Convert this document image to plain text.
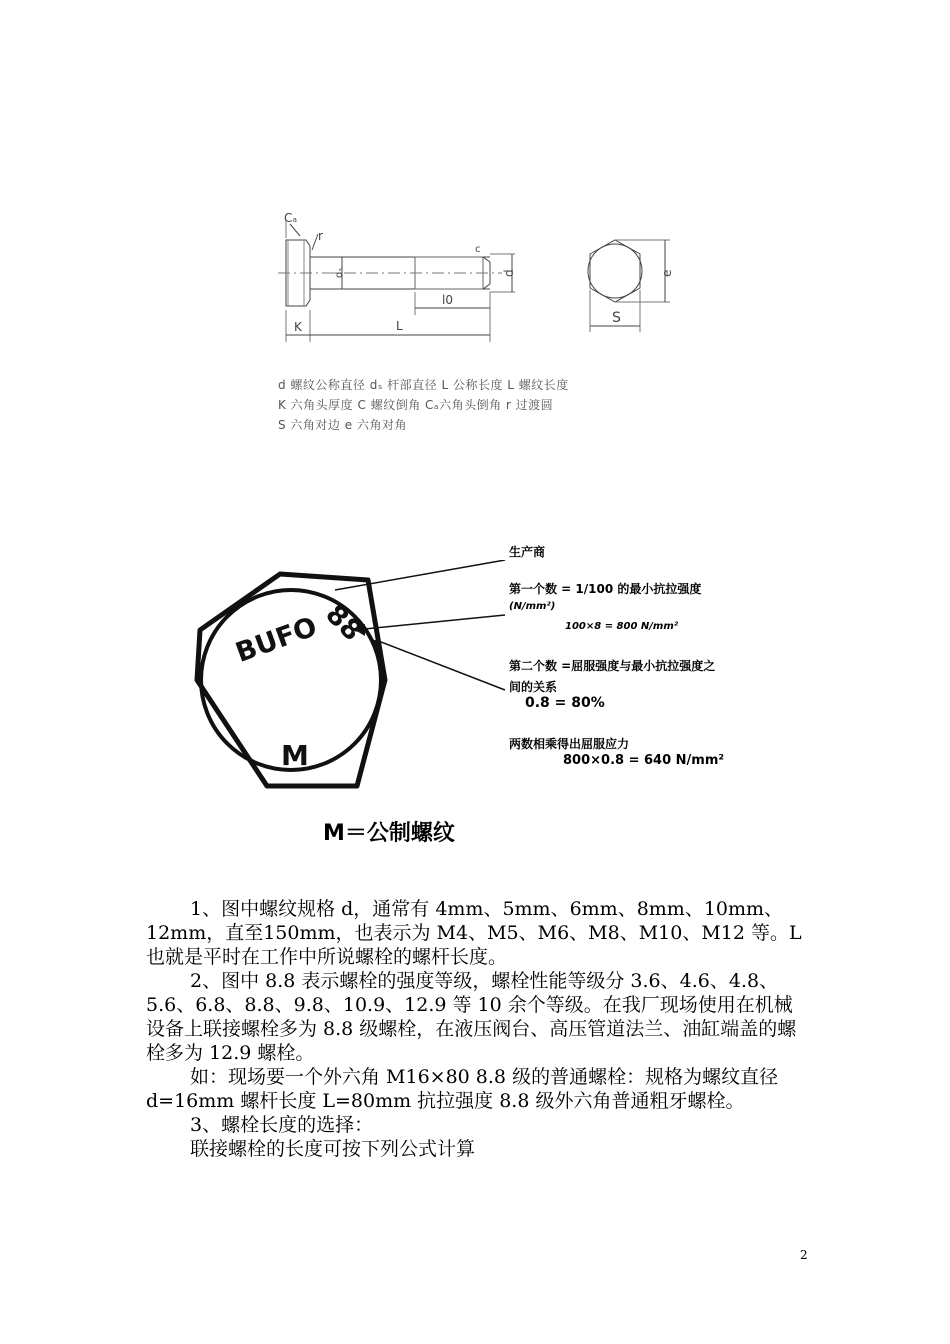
Cₐ
r
c
dₛ	d
l0
K	L
e
S
d 螺纹公称直径 dₛ 杆部直径 L 公称长度 L 螺纹长度
K 六角头厚度 C 螺纹倒角 Cₐ六角头倒角 r 过渡圆
S 六角对边 e 六角对角
BUFO
88
M
生产商
第一个数 = 1/100 的最小抗拉强度
(N/mm²)
100×8 = 800 N/mm²
第二个数 =屈服强度与最小抗拉强度之
间的关系
0.8 = 80%
两数相乘得出屈服应力
800×0.8 = 640 N/mm²
M＝公制螺纹

1、图中螺纹规格 d，通常有 4mm、5mm、6mm、8mm、10mm、12mm，直至150mm，也表示为 M4、M5、M6、M8、M10、M12 等。L 也就是平时在工作中所说螺栓的螺杆长度。

2、图中 8.8 表示螺栓的强度等级，螺栓性能等级分 3.6、4.6、4.8、5.6、6.8、8.8、9.8、10.9、12.9 等 10 余个等级。在我厂现场使用在机械设备上联接螺栓多为 8.8 级螺栓，在液压阀台、高压管道法兰、油缸端盖的螺栓多为 12.9 螺栓。

如：现场要一个外六角 M16×80 8.8 级的普通螺栓：规格为螺纹直径 d=16mm 螺杆长度 L=80mm 抗拉强度 8.8 级外六角普通粗牙螺栓。

3、螺栓长度的选择：

联接螺栓的长度可按下列公式计算

2
